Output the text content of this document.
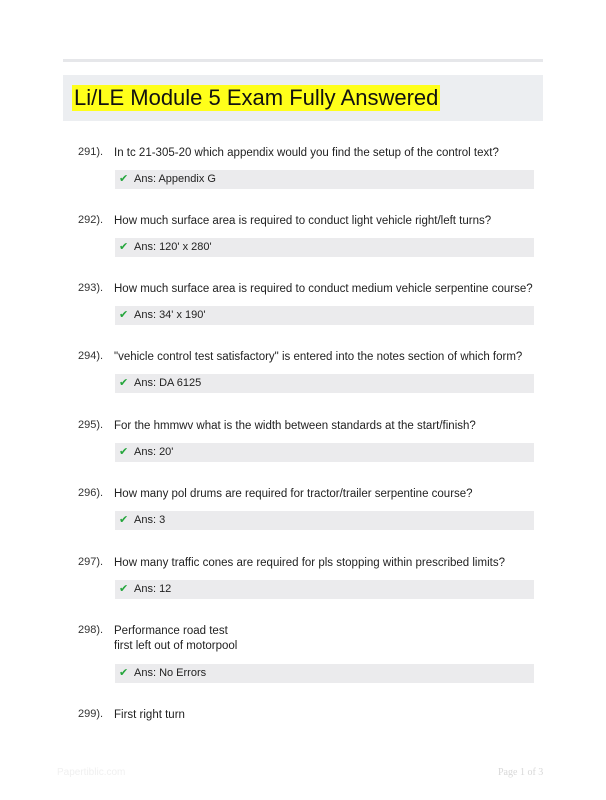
Li/LE Module 5 Exam Fully Answered
291). In tc 21-305-20 which appendix would you find the setup of the control text?
✔ Ans: Appendix G
292). How much surface area is required to conduct light vehicle right/left turns?
✔ Ans: 120' x 280'
293). How much surface area is required to conduct medium vehicle serpentine course?
✔ Ans: 34' x 190'
294). "vehicle control test satisfactory" is entered into the notes section of which form?
✔ Ans: DA 6125
295). For the hmmwv what is the width between standards at the start/finish?
✔ Ans: 20'
296). How many pol drums are required for tractor/trailer serpentine course?
✔ Ans: 3
297). How many traffic cones are required for pls stopping within prescribed limits?
✔ Ans: 12
298). Performance road test
first left out of motorpool
✔ Ans: No Errors
299). First right turn
Papertiblic.com	Page 1 of 3
